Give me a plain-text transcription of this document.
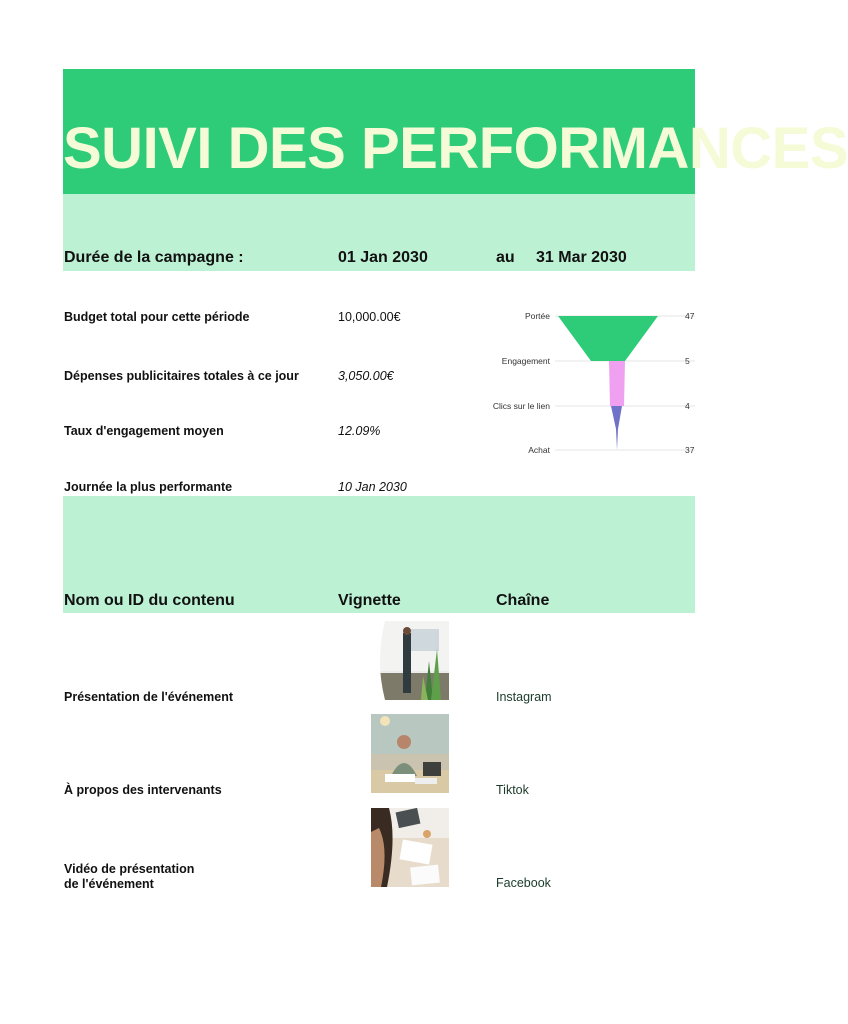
SUIVI DES PERFORMANCES
Durée de la campagne :	01 Jan 2030	au 31 Mar 2030
Budget total pour cette période	10,000.00€
Dépenses publicitaires totales à ce jour	3,050.00€
Taux d'engagement moyen	12.09%
Journée la plus performante	10 Jan 2030
Portée
Engagement
Clics sur le lien
Achat
47
5
4
37
Nom ou ID du contenu	Vignette	Chaîne
Présentation de l'événement	Instagram
À propos des intervenants	Tiktok
Vidéo de présentation
de l'événement	Facebook
